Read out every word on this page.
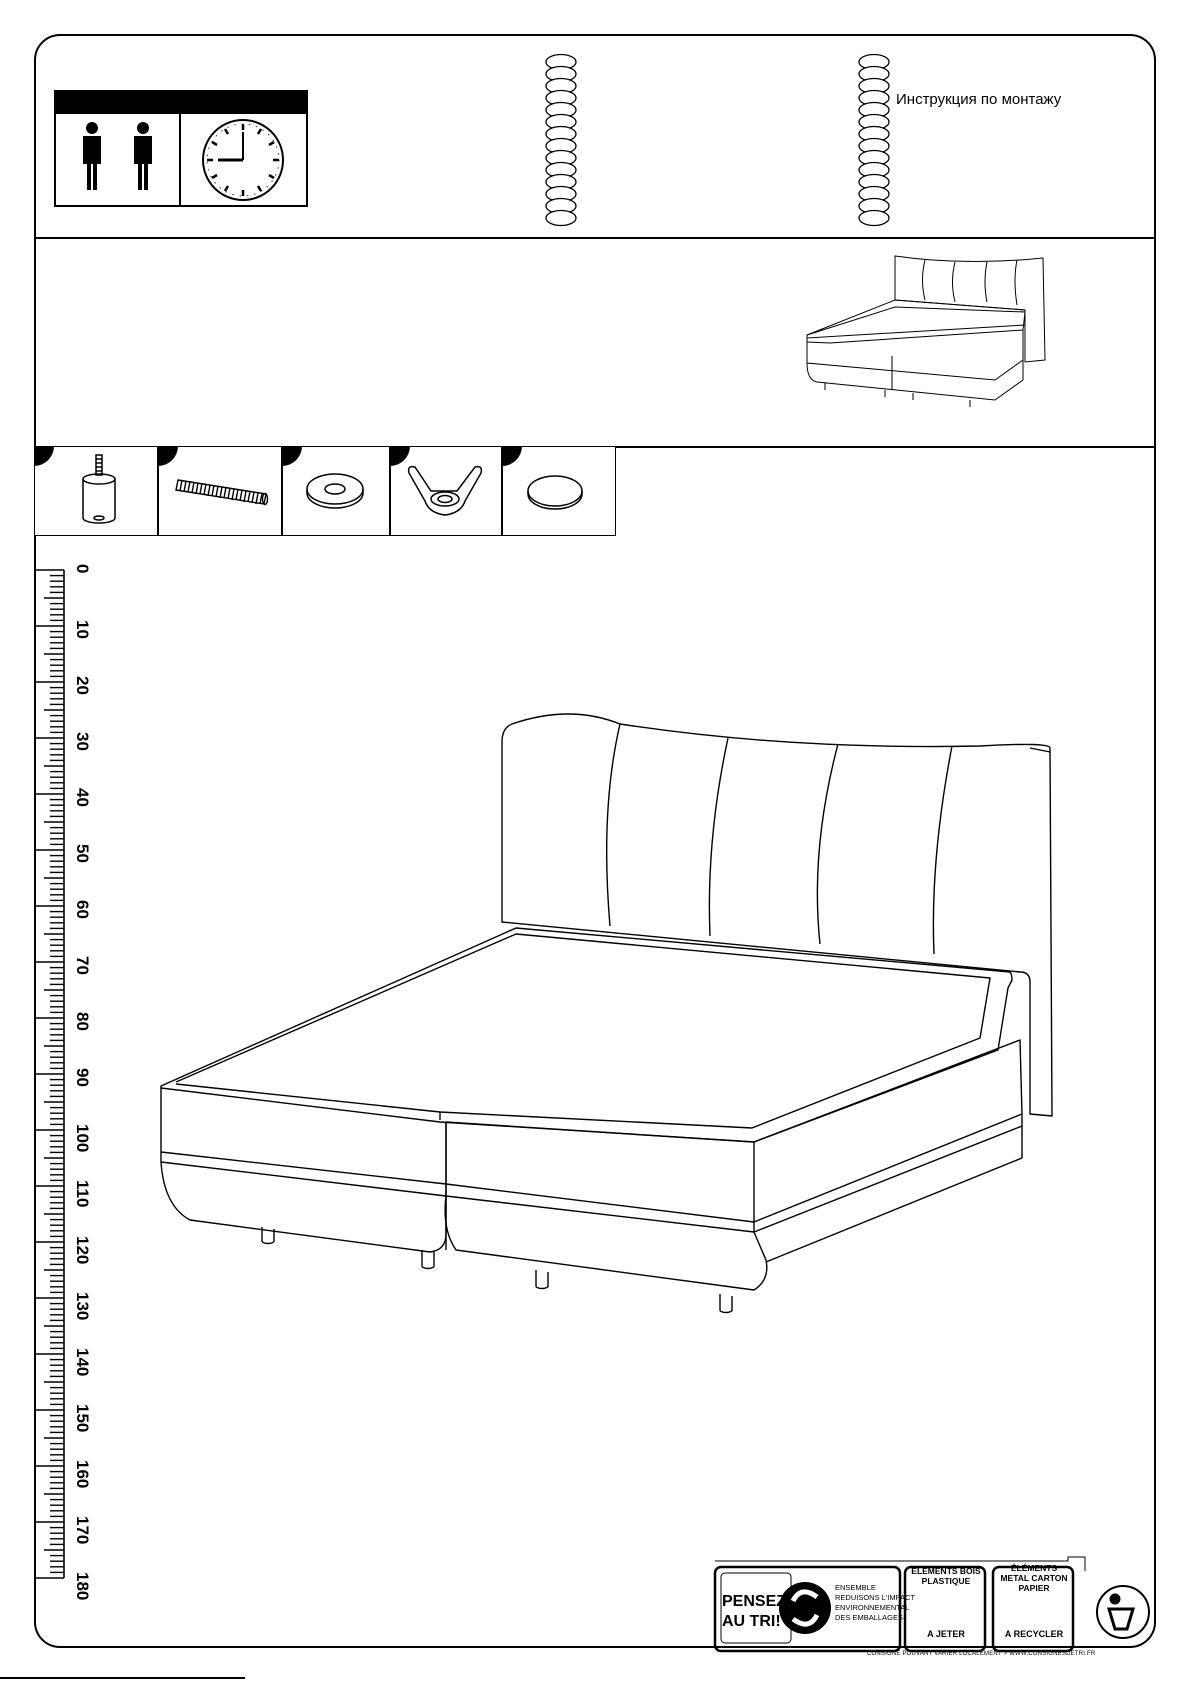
Инструкция по монтажу
0
10
20
30
40
50
60
70
80
90
100
110
120
130
140
150
160
170
180
PENSEZ
AU TRI!
ENSEMBLE
REDUISONS L'IMPACT
ENVIRONNEMENTAL
DES EMBALLAGES
ÉLÉMENTS BOIS
PLASTIQUE
A JETER
ÉLÉMENTS
METAL CARTON
PAPIER
A RECYCLER
CONSIGNE POUVANT VARIER LOCALEMENT > WWW.CONSIGNESDETRI.FR
